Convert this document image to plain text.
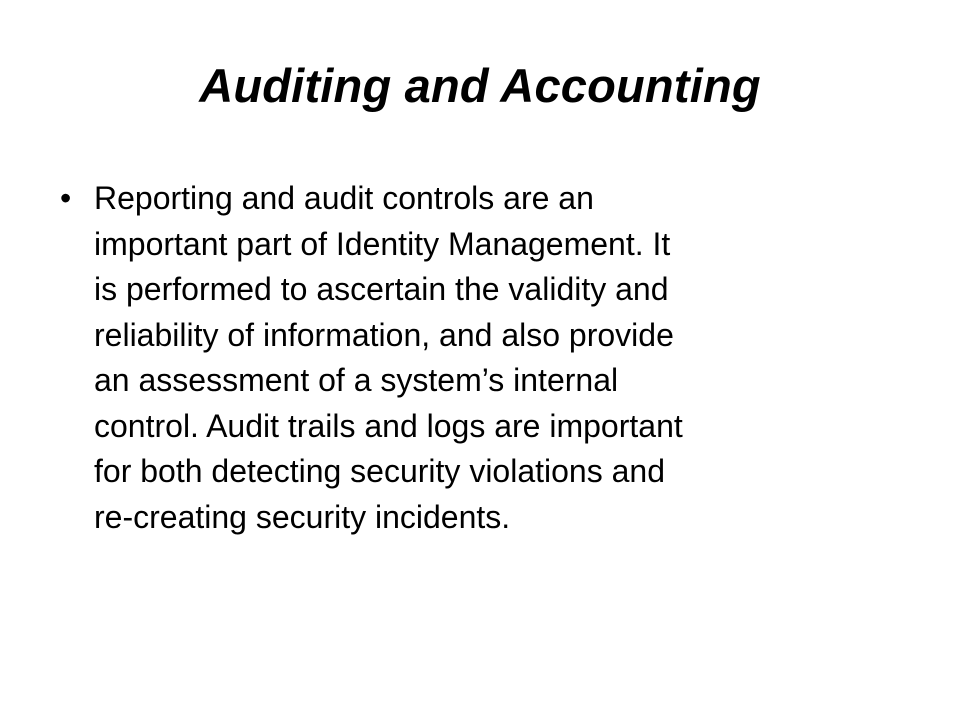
Auditing and Accounting
• Reporting and audit controls are an
important part of Identity Management. It
is performed to ascertain the validity and
reliability of information, and also provide
an assessment of a system’s internal
control. Audit trails and logs are important
for both detecting security violations and
re-creating security incidents.
